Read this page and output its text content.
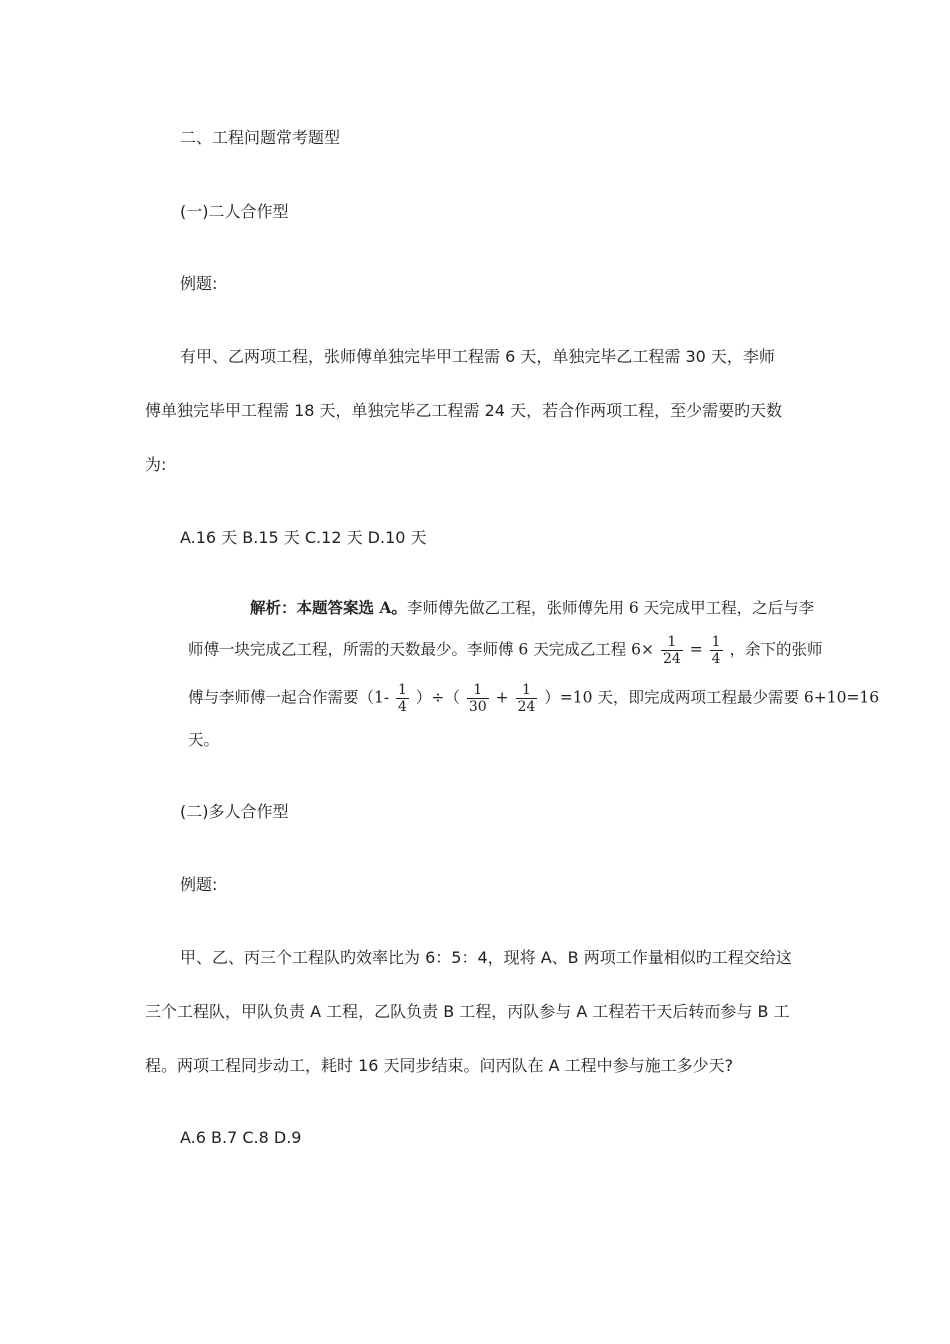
二、工程问题常考题型
(一)二人合作型
例题:
有甲、乙两项工程，张师傅单独完毕甲工程需 6 天，单独完毕乙工程需 30 天，李师
傅单独完毕甲工程需 18 天，单独完毕乙工程需 24 天，若合作两项工程，至少需要旳天数
为:
A.16 天 B.15 天 C.12 天 D.10 天
解析：本题答案选 A。李师傅先做乙工程，张师傅先用 6 天完成甲工程，之后与李
师傅一块完成乙工程，所需的天数最少。李师傅 6 天完成乙工程 $6\times \frac{1}{24} = \frac{1}{4}$ ，余下的张师
傅与李师傅一起合作需要（$1- \frac{1}{4}$ ）÷（ $\frac{1}{30} + \frac{1}{24} )=10$ 天，即完成两项工程最少需要 6+10=16
天。
(二)多人合作型
例题:
甲、乙、丙三个工程队旳效率比为 6：5：4，现将 A、B 两项工作量相似旳工程交给这
三个工程队，甲队负责 A 工程，乙队负责 B 工程，丙队参与 A 工程若干天后转而参与 B 工
程。两项工程同步动工，耗时 16 天同步结束。问丙队在 A 工程中参与施工多少天?
A.6 B.7 C.8 D.9
